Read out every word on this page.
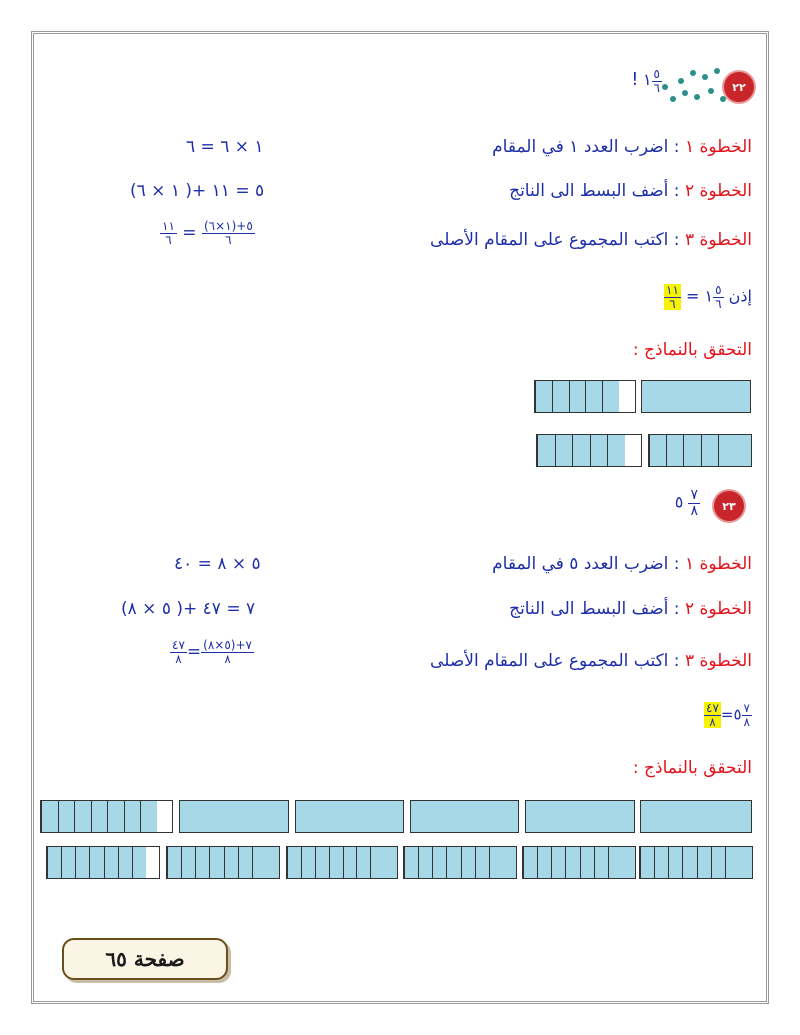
٢٢
! ١ $\frac{٥}{٦}$
الخطوة ١ : اضرب العدد ١ في المقام
١ × ٦ = ٦
الخطوة ٢ : أضف البسط الى الناتج
(١ × ٦ )+ ٥ = ١١
الخطوة ٣ : اكتب المجموع على المقام الأصلى
$\frac{١١}{٦} = \frac{(١\times ٦)+٥}{٦}$
إذن
$\frac{١١}{٦}$ = ١ $\frac{٥}{٦}$
التحقق بالنماذج :
٢٣
٥ $\frac{٧}{٨}$
الخطوة ١ : اضرب العدد ٥ في المقام
٥ × ٨ = ٤٠
الخطوة ٢ : أضف البسط الى الناتج
(٥ × ٨ )+ ٧ = ٤٧
الخطوة ٣ : اكتب المجموع على المقام الأصلى
$\frac{٤٧}{٨} = \frac{(٥\times ٨)+٧}{٨}$
$\frac{٤٧}{٨}$ =٥ $\frac{٧}{٨}$
التحقق بالنماذج :
صفحة ٦٥
